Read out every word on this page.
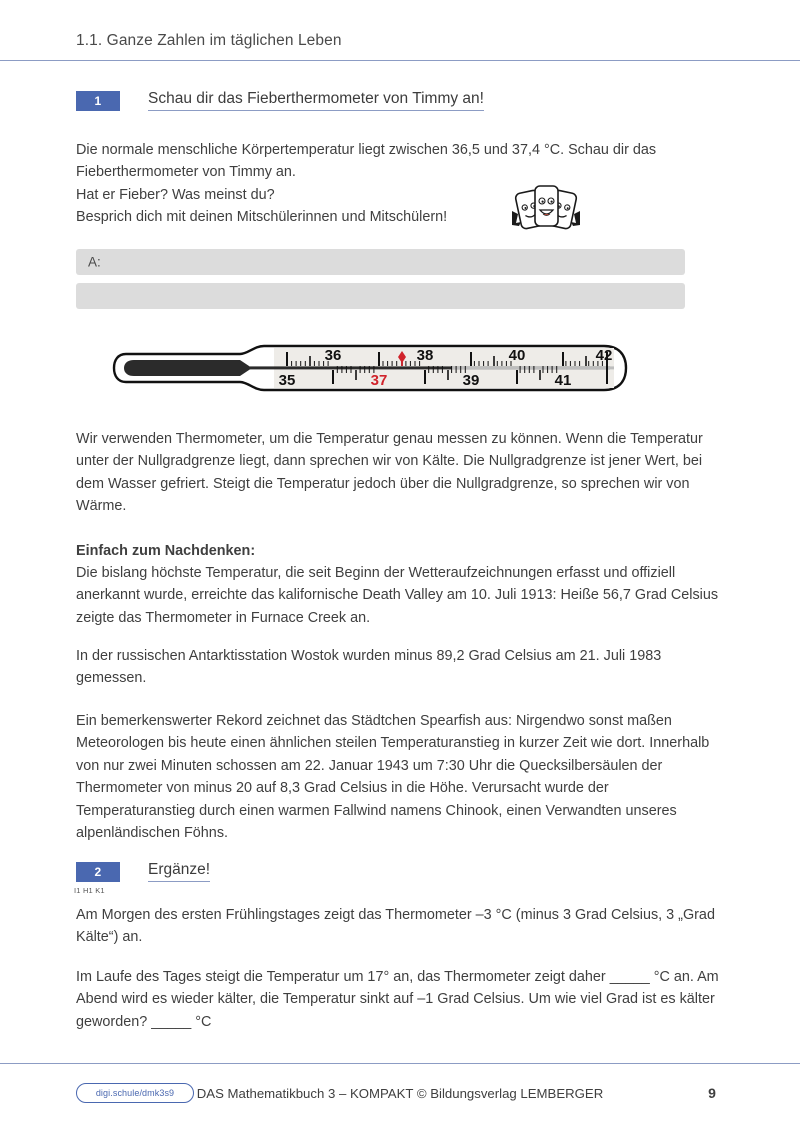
1.1. Ganze Zahlen im täglichen Leben
1	Schau dir das Fieberthermometer von Timmy an!
Die normale menschliche Körpertemperatur liegt zwischen 36,5 und 37,4 °C. Schau dir das Fieberthermometer von Timmy an.
Hat er Fieber? Was meinst du?
Besprich dich mit deinen Mitschülerinnen und Mitschülern!
A:
36	38	40	42
35	37	39	41
Wir verwenden Thermometer, um die Temperatur genau messen zu können. Wenn die Temperatur unter der Nullgradgrenze liegt, dann sprechen wir von Kälte. Die Nullgradgrenze ist jener Wert, bei dem Wasser gefriert. Steigt die Temperatur jedoch über die Nullgradgrenze, so sprechen wir von Wärme.
Einfach zum Nachdenken:
Die bislang höchste Temperatur, die seit Beginn der Wetteraufzeichnungen erfasst und offiziell anerkannt wurde, erreichte das kalifornische Death Valley am 10. Juli 1913: Heiße 56,7 Grad Celsius zeigte das Thermometer in Furnace Creek an.
In der russischen Antarktisstation Wostok wurden minus 89,2 Grad Celsius am 21. Juli 1983 gemessen.
Ein bemerkenswerter Rekord zeichnet das Städtchen Spearfish aus: Nirgendwo sonst maßen Meteorologen bis heute einen ähnlichen steilen Temperaturanstieg in kurzer Zeit wie dort. Innerhalb von nur zwei Minuten schossen am 22. Januar 1943 um 7:30 Uhr die Quecksilbersäulen der Thermometer von minus 20 auf 8,3 Grad Celsius in die Höhe. Verursacht wurde der Temperaturanstieg durch einen warmen Fallwind namens Chinook, einen Verwandten unseres alpenländischen Föhns.
2	Ergänze!
I1 H1 K1
Am Morgen des ersten Frühlingstages zeigt das Thermometer –3 °C (minus 3 Grad Celsius, 3 „Grad Kälte“) an.
Im Laufe des Tages steigt die Temperatur um 17° an, das Thermometer zeigt daher _____ °C an. Am Abend wird es wieder kälter, die Temperatur sinkt auf –1 Grad Celsius. Um wie viel Grad ist es kälter geworden? _____ °C
digi.schule/dmk3s9	DAS Mathematikbuch 3 – KOMPAKT © Bildungsverlag LEMBERGER	9
